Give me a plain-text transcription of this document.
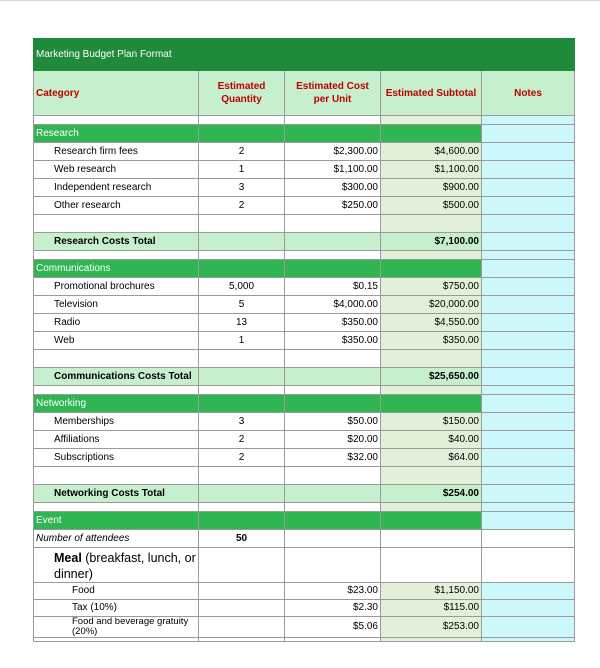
Marketing Budget Plan Format				
Category	Estimated Quantity	Estimated Cost per Unit	Estimated Subtotal	Notes

Research				
Research firm fees	2	$2,300.00	$4,600.00	
Web research	1	$1,100.00	$1,100.00	
Independent research	3	$300.00	$900.00	
Other research	2	$250.00	$500.00	

Research Costs Total			$7,100.00	

Communications				
Promotional brochures	5,000	$0.15	$750.00	
Television	5	$4,000.00	$20,000.00	
Radio	13	$350.00	$4,550.00	
Web	1	$350.00	$350.00	

Communications Costs Total			$25,650.00	

Networking				
Memberships	3	$50.00	$150.00	
Affiliations	2	$20.00	$40.00	
Subscriptions	2	$32.00	$64.00	

Networking Costs Total			$254.00	

Event				
Number of attendees	50			
Meal (breakfast, lunch, or dinner)				
Food		$23.00	$1,150.00	
Tax (10%)		$2.30	$115.00	
Food and beverage gratuity (20%)		$5.06	$253.00	
